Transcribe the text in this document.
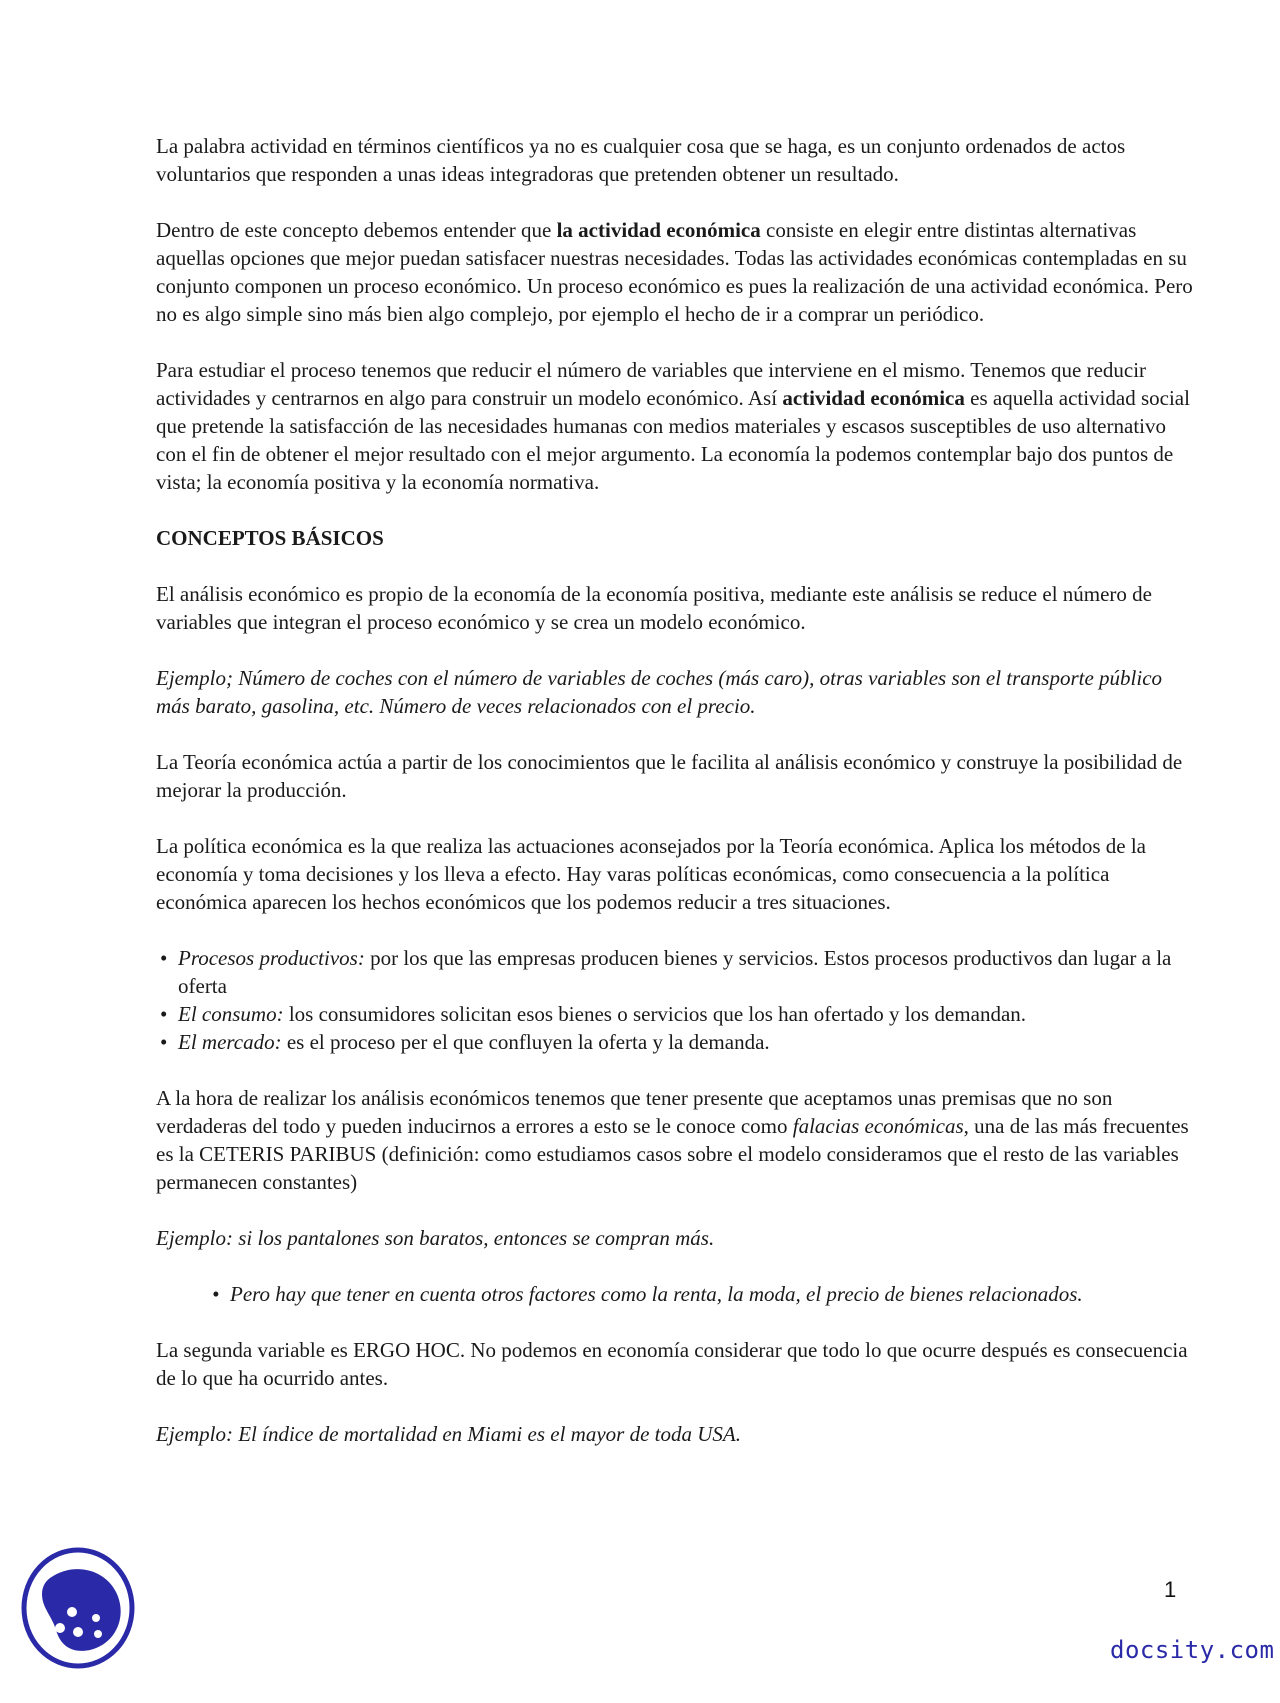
La palabra actividad en términos científicos ya no es cualquier cosa que se haga, es un conjunto ordenados de actos voluntarios que responden a unas ideas integradoras que pretenden obtener un resultado.

Dentro de este concepto debemos entender que la actividad económica consiste en elegir entre distintas alternativas aquellas opciones que mejor puedan satisfacer nuestras necesidades. Todas las actividades económicas contempladas en su conjunto componen un proceso económico. Un proceso económico es pues la realización de una actividad económica. Pero no es algo simple sino más bien algo complejo, por ejemplo el hecho de ir a comprar un periódico.

Para estudiar el proceso tenemos que reducir el número de variables que interviene en el mismo. Tenemos que reducir actividades y centrarnos en algo para construir un modelo económico. Así actividad económica es aquella actividad social que pretende la satisfacción de las necesidades humanas con medios materiales y escasos susceptibles de uso alternativo con el fin de obtener el mejor resultado con el mejor argumento. La economía la podemos contemplar bajo dos puntos de vista; la economía positiva y la economía normativa.

CONCEPTOS BÁSICOS

El análisis económico es propio de la economía de la economía positiva, mediante este análisis se reduce el número de variables que integran el proceso económico y se crea un modelo económico.

Ejemplo; Número de coches con el número de variables de coches (más caro), otras variables son el transporte público más barato, gasolina, etc. Número de veces relacionados con el precio.

La Teoría económica actúa a partir de los conocimientos que le facilita al análisis económico y construye la posibilidad de mejorar la producción.

La política económica es la que realiza las actuaciones aconsejados por la Teoría económica. Aplica los métodos de la economía y toma decisiones y los lleva a efecto. Hay varas políticas económicas, como consecuencia a la política económica aparecen los hechos económicos que los podemos reducir a tres situaciones.

• Procesos productivos: por los que las empresas producen bienes y servicios. Estos procesos productivos dan lugar a la oferta
• El consumo: los consumidores solicitan esos bienes o servicios que los han ofertado y los demandan.
• El mercado: es el proceso per el que confluyen la oferta y la demanda.

A la hora de realizar los análisis económicos tenemos que tener presente que aceptamos unas premisas que no son verdaderas del todo y pueden inducirnos a errores a esto se le conoce como falacias económicas, una de las más frecuentes es la CETERIS PARIBUS (definición: como estudiamos casos sobre el modelo consideramos que el resto de las variables permanecen constantes)

Ejemplo: si los pantalones son baratos, entonces se compran más.

• Pero hay que tener en cuenta otros factores como la renta, la moda, el precio de bienes relacionados.

La segunda variable es ERGO HOC. No podemos en economía considerar que todo lo que ocurre después es consecuencia de lo que ha ocurrido antes.

Ejemplo: El índice de mortalidad en Miami es el mayor de toda USA.

1
docsity.com
